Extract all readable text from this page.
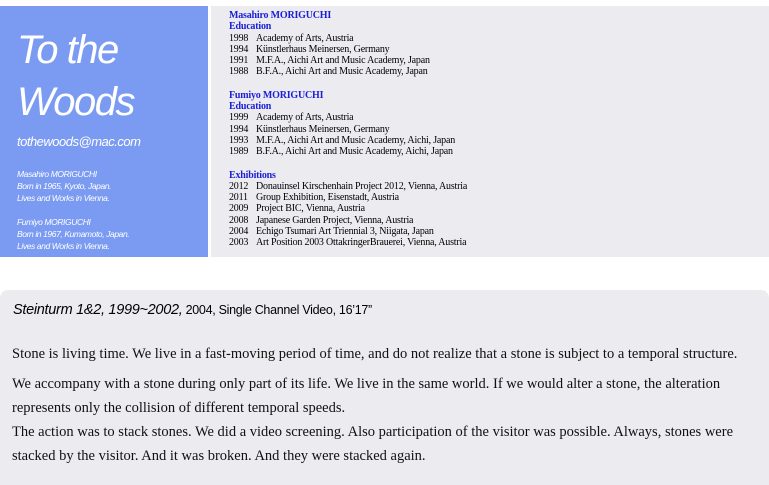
To the
Woods
tothewoods@mac.com
Masahiro MORIGUCHI
Born in 1965, Kyoto, Japan.
Lives and Works in Vienna.
Fumiyo MORIGUCHI
Born in 1967, Kumamoto, Japan.
Lives and Works in Vienna.
Masahiro MORIGUCHI
Education
1998 Academy of Arts, Austria
1994 Künstlerhaus Meinersen, Germany
1991 M.F.A., Aichi Art and Music Academy, Japan
1988 B.F.A., Aichi Art and Music Academy, Japan
Fumiyo MORIGUCHI
Education
1999 Academy of Arts, Austria
1994 Künstlerhaus Meinersen, Germany
1993 M.F.A., Aichi Art and Music Academy, Aichi, Japan
1989 B.F.A., Aichi Art and Music Academy, Aichi, Japan
Exhibitions
2012 Donauinsel Kirschenhain Project 2012, Vienna, Austria
2011 Group Exhibition, Eisenstadt, Austria
2009 Project BIC, Vienna, Austria
2008 Japanese Garden Project, Vienna, Austria
2004 Echigo Tsumari Art Triennial 3, Niigata, Japan
2003 Art Position 2003 OttakringerBrauerei, Vienna, Austria
Steinturm 1&2, 1999~2002, 2004, Single Channel Video, 16’17”

Stone is living time. We live in a fast-moving period of time, and do not realize that a stone is subject to a temporal structure.

We accompany with a stone during only part of its life. We live in the same world. If we would alter a stone, the alteration represents only the collision of different temporal speeds.

The action was to stack stones. We did a video screening. Also participation of the visitor was possible. Always, stones were stacked by the visitor. And it was broken. And they were stacked again.
